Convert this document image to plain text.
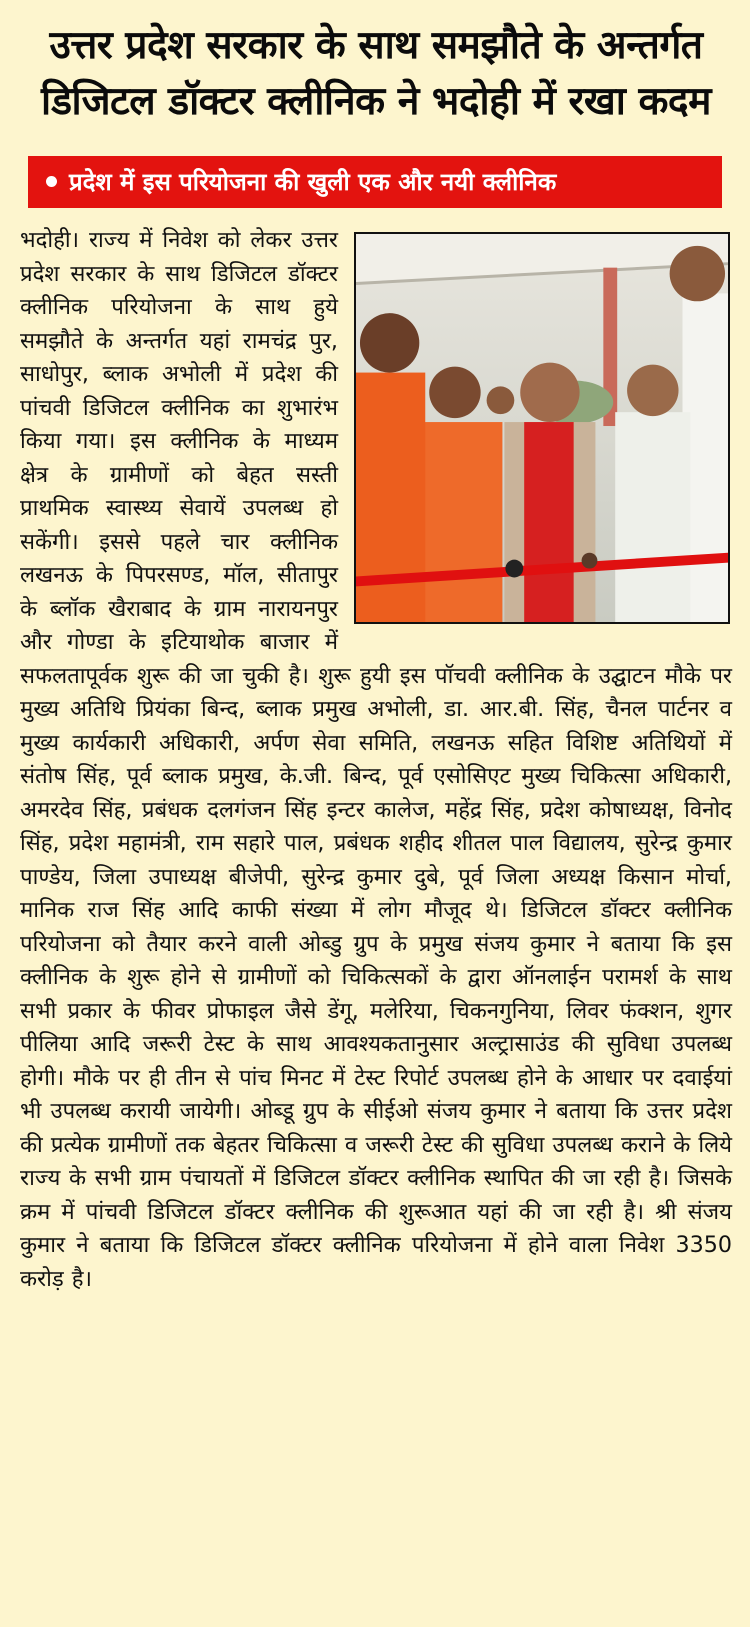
उत्तर प्रदेश सरकार के साथ समझौते के अन्तर्गत
डिजिटल डॉक्टर क्लीनिक ने भदोही में रखा कदम
प्रदेश में इस परियोजना की खुली एक और नयी क्लीनिक

भदोही। राज्य में निवेश को लेकर उत्तर प्रदेश सरकार के साथ डिजिटल डॉक्टर क्लीनिक परियोजना के साथ हुये समझौते के अन्तर्गत यहां रामचंद्र पुर, साधोपुर, ब्लाक अभोली में प्रदेश की पांचवी डिजिटल क्लीनिक का शुभारंभ किया गया। इस क्लीनिक के माध्यम क्षेत्र के ग्रामीणों को बेहत सस्ती प्राथमिक स्वास्थ्य सेवायें उपलब्ध हो सकेंगी। इससे पहले चार क्लीनिक लखनऊ के पिपरसण्ड, मॉल, सीतापुर के ब्लॉक खैराबाद के ग्राम नारायनपुर और गोण्डा के इटियाथोक बाजार में सफलतापूर्वक शुरू की जा चुकी है। शुरू हुयी इस पॉचवी क्लीनिक के उद्घाटन मौके पर मुख्य अतिथि प्रियंका बिन्द, ब्लाक प्रमुख अभोली, डा. आर.बी. सिंह, चैनल पार्टनर व मुख्य कार्यकारी अधिकारी, अर्पण सेवा समिति, लखनऊ सहित विशिष्ट अतिथियों में संतोष सिंह, पूर्व ब्लाक प्रमुख, के.जी. बिन्द, पूर्व एसोसिएट मुख्य चिकित्सा अधिकारी, अमरदेव सिंह, प्रबंधक दलगंजन सिंह इन्टर कालेज, महेंद्र सिंह, प्रदेश कोषाध्यक्ष, विनोद सिंह, प्रदेश महामंत्री, राम सहारे पाल, प्रबंधक शहीद शीतल पाल विद्यालय, सुरेन्द्र कुमार पाण्डेय, जिला उपाध्यक्ष बीजेपी, सुरेन्द्र कुमार दुबे, पूर्व जिला अध्यक्ष किसान मोर्चा, मानिक राज सिंह आदि काफी संख्या में लोग मौजूद थे। डिजिटल डॉक्टर क्लीनिक परियोजना को तैयार करने वाली ओब्डु ग्रुप के प्रमुख संजय कुमार ने बताया कि इस क्लीनिक के शुरू होने से ग्रामीणों को चिकित्सकों के द्वारा ऑनलाईन परामर्श के साथ सभी प्रकार के फीवर प्रोफाइल जैसे डेंगू, मलेरिया, चिकनगुनिया, लिवर फंक्शन, शुगर पीलिया आदि जरूरी टेस्ट के साथ आवश्यकतानुसार अल्ट्रासाउंड की सुविधा उपलब्ध होगी। मौके पर ही तीन से पांच मिनट में टेस्ट रिपोर्ट उपलब्ध होने के आधार पर दवाईयां भी उपलब्ध करायी जायेगी। ओब्डू ग्रुप के सीईओ संजय कुमार ने बताया कि उत्तर प्रदेश की प्रत्येक ग्रामीणों तक बेहतर चिकित्सा व जरूरी टेस्ट की सुविधा उपलब्ध कराने के लिये राज्य के सभी ग्राम पंचायतों में डिजिटल डॉक्टर क्लीनिक स्थापित की जा रही है। जिसके क्रम में पांचवी डिजिटल डॉक्टर क्लीनिक की शुरूआत यहां की जा रही है। श्री संजय कुमार ने बताया कि डिजिटल डॉक्टर क्लीनिक परियोजना में होने वाला निवेश 3350 करोड़ है।
